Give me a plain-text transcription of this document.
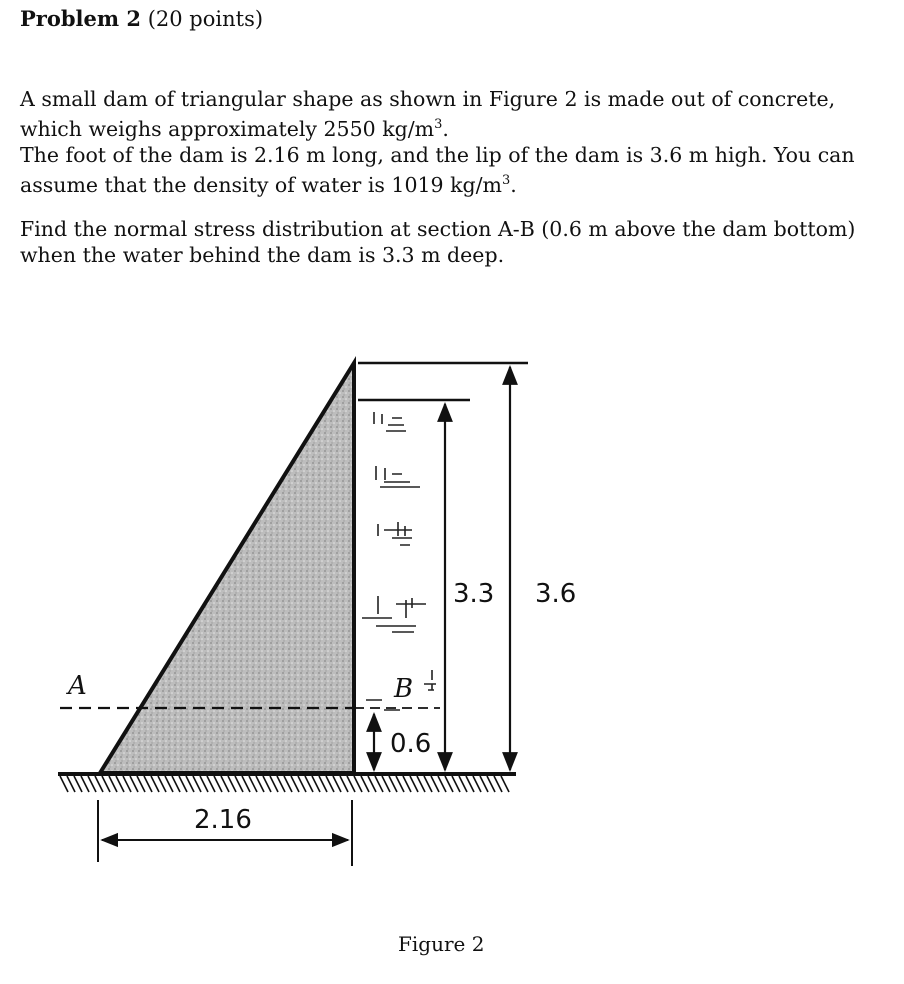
Problem 2 (20 points)

A small dam of triangular shape as shown in Figure 2 is made out of concrete,
which weighs approximately 2550 $kg/m^3$.
The foot of the dam is 2.16 m long, and the lip of the dam is 3.6 m high. You can
assume that the density of water is 1019 $kg/m^3$.

Find the normal stress distribution at section A-B (0.6 m above the dam bottom)
when the water behind the dam is 3.3 m deep.

A	B
0.6
3.3 3.6
2.16
Figure 2
